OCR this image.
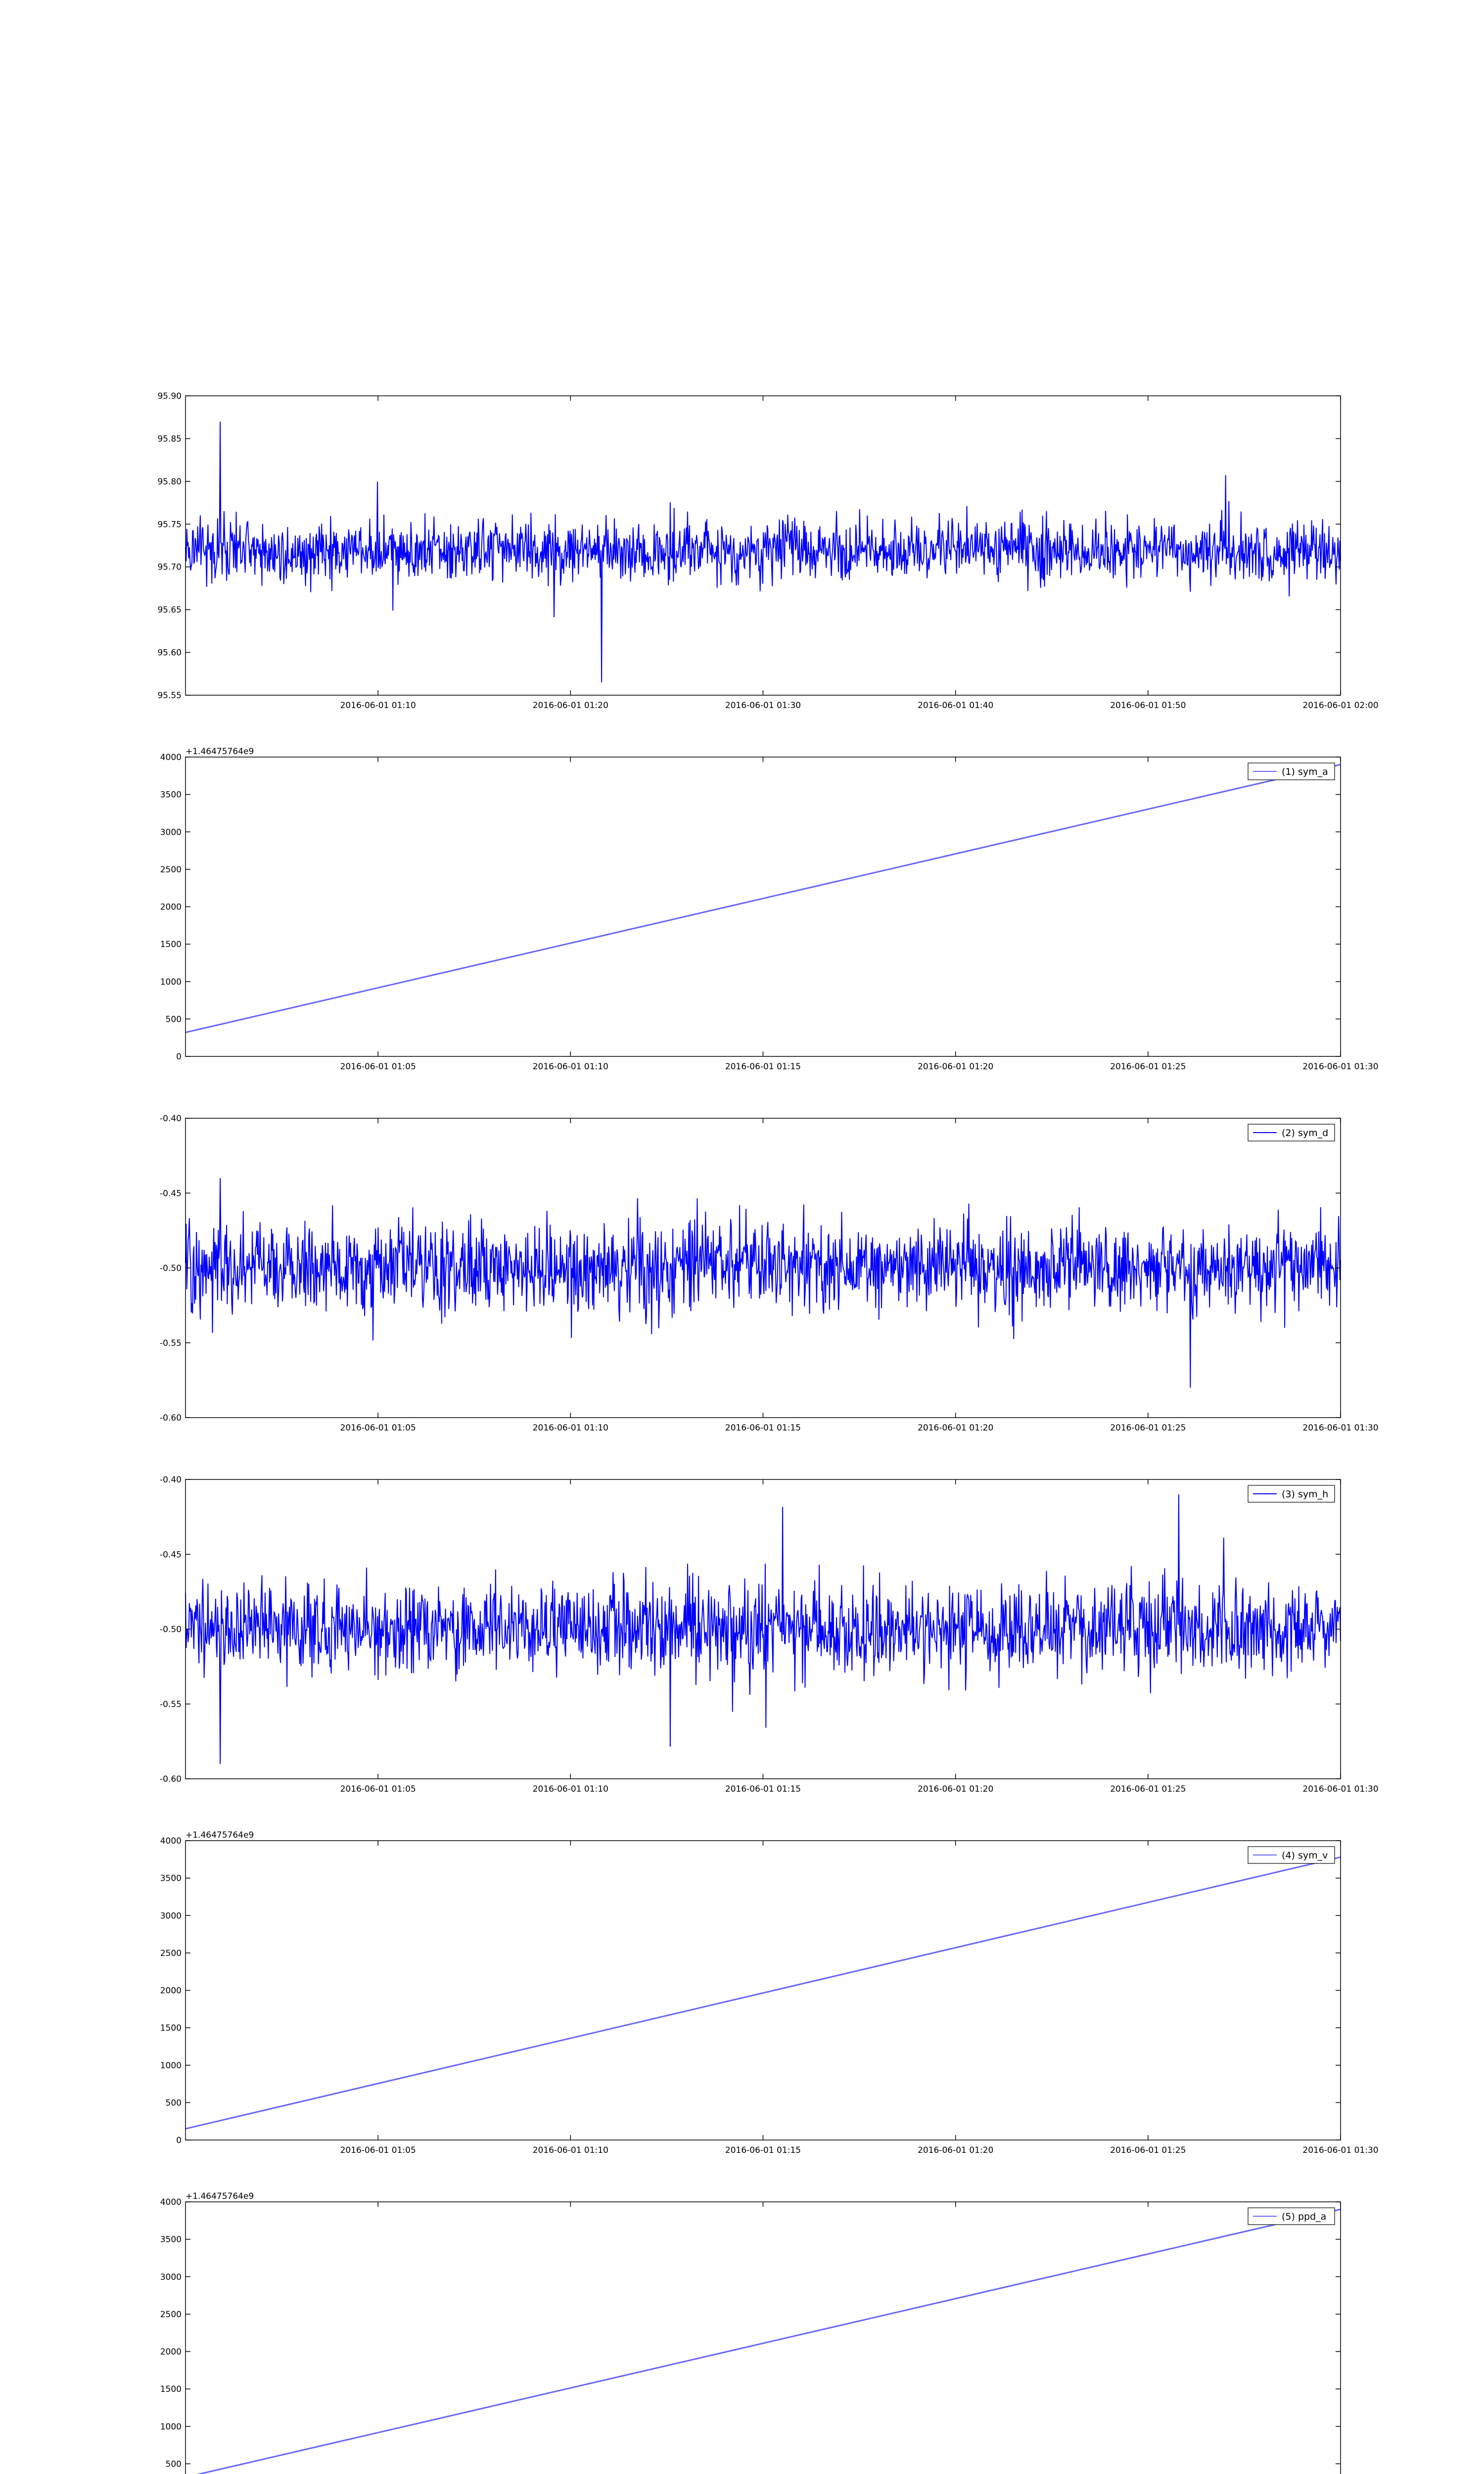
95.55
95.60
95.65
95.70
95.75
95.80
95.85
95.90
2016-06-01 01:10	2016-06-01 01:20	2016-06-01 01:30	2016-06-01 01:40	2016-06-01 01:50	2016-06-01 02:00
0
500
1000
1500
2000
2500
3000
3500
4000
2016-06-01 01:05	2016-06-01 01:10	2016-06-01 01:15	2016-06-01 01:20	2016-06-01 01:25	2016-06-01 01:30
+1.46475764e9
(1) sym_a
-0.60
-0.55
-0.50
-0.45
-0.40
2016-06-01 01:05	2016-06-01 01:10	2016-06-01 01:15	2016-06-01 01:20	2016-06-01 01:25	2016-06-01 01:30
(2) sym_d
-0.60
-0.55
-0.50
-0.45
-0.40
2016-06-01 01:05	2016-06-01 01:10	2016-06-01 01:15	2016-06-01 01:20	2016-06-01 01:25	2016-06-01 01:30
(3) sym_h
0
500
1000
1500
2000
2500
3000
3500
4000
2016-06-01 01:05	2016-06-01 01:10	2016-06-01 01:15	2016-06-01 01:20	2016-06-01 01:25	2016-06-01 01:30
+1.46475764e9
(4) sym_v
500
1000
1500
2000
2500
3000
3500
4000
+1.46475764e9
(5) ppd_a
